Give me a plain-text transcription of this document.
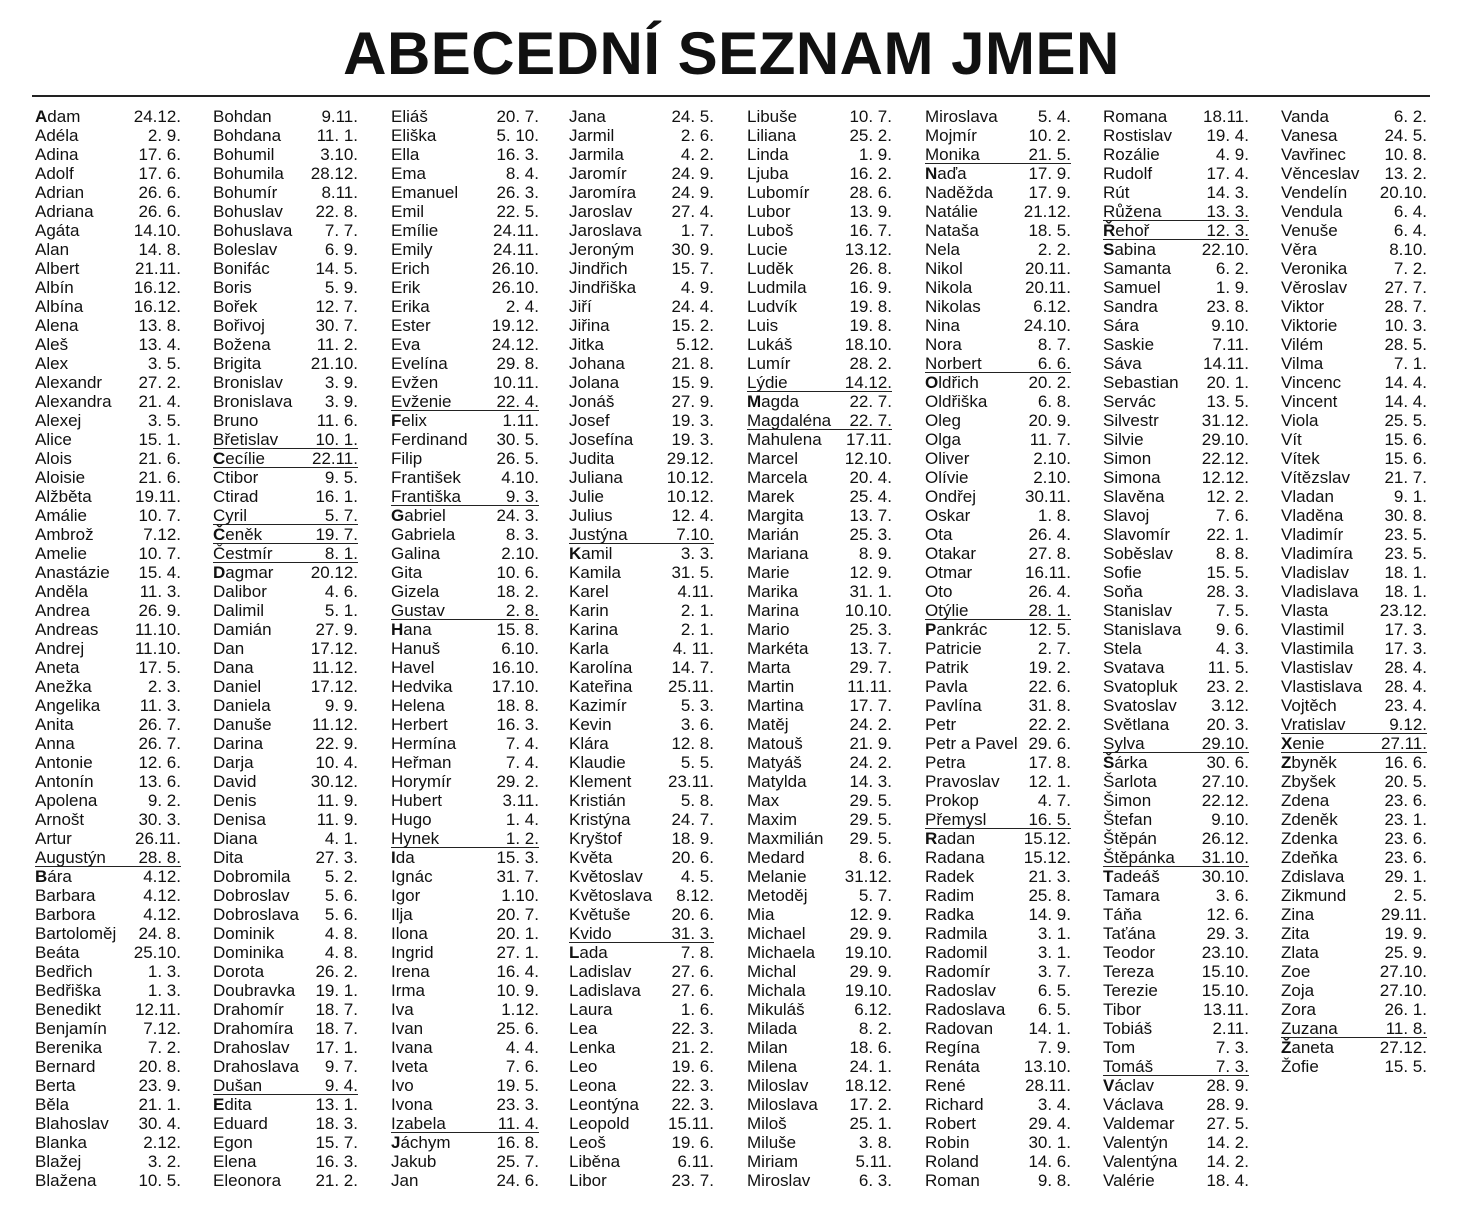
ABECEDNÍ SEZNAM JMEN
Adam	24.12.
Adéla	2. 9.
Adina	17. 6.
Adolf	17. 6.
Adrian	26. 6.
Adriana	26. 6.
Agáta	14.10.
Alan	14. 8.
Albert	21.11.
Albín	16.12.
Albína	16.12.
Alena	13. 8.
Aleš	13. 4.
Alex	3. 5.
Alexandr 27. 2.
Alexandra 21. 4.
Alexej	3. 5.
Alice	15. 1.
Alois	21. 6.
Aloisie	21. 6.
Alžběta	19.11.
Amálie	10. 7.
Ambrož	7.12.
Amelie	10. 7.
Anastázie 15. 4.
Anděla	11. 3.
Andrea	26. 9.
Andreas 11.10.
Andrej	11.10.
Aneta	17. 5.
Anežka	2. 3.
Angelika 11. 3.
Anita	26. 7.
Anna	26. 7.
Antonie	12. 6.
Antonín	13. 6.
Apolena	9. 2.
Arnošt	30. 3.
Artur	26.11.
Augustýn 28. 8.
Bára	4.12.
Barbara	4.12.
Barbora	4.12.
Bartoloměj 24. 8.
Beáta	25.10.
Bedřich	1. 3.
Bedřiška	1. 3.
Benedikt 12.11.
Benjamín 7.12.
Berenika	7. 2.
Bernard	20. 8.
Berta	23. 9.
Běla	21. 1.
Blahoslav 30. 4.
Blanka	2.12.
Blažej	3. 2.
Blažena 10. 5.
Bohdan	9.11.
Bohdana 11. 1.
Bohumil	3.10.
Bohumila 28.12.
Bohumír	8.11.
Bohuslav 22. 8.
Bohuslava 7. 7.
Boleslav	6. 9.
Bonifác	14. 5.
Boris	5. 9.
Bořek	12. 7.
Bořivoj	30. 7.
Božena	11. 2.
Brigita	21.10.
Bronislav 3. 9.
Bronislava 3. 9.
Bruno	11. 6.
Břetislav 10. 1.
Cecílie	22.11.
Ctibor	9. 5.
Ctirad	16. 1.
Cyril	5. 7.
Čeněk	19. 7.
Čestmír	8. 1.
Dagmar 20.12.
Dalibor	4. 6.
Dalimil	5. 1.
Damián	27. 9.
Dan	17.12.
Dana	11.12.
Daniel	17.12.
Daniela	9. 9.
Danuše 11.12.
Darina	22. 9.
Darja	10. 4.
David	30.12.
Denis	11. 9.
Denisa	11. 9.
Diana	4. 1.
Dita	27. 3.
Dobromila 5. 2.
Dobroslav 5. 6.
Dobroslava 5. 6.
Dominik	4. 8.
Dominika 4. 8.
Dorota	26. 2.
Doubravka 19. 1.
Drahomír 18. 7.
Drahomíra 18. 7.
Drahoslav 17. 1.
Drahoslava 9. 7.
Dušan	9. 4.
Edita	13. 1.
Eduard	18. 3.
Egon	15. 7.
Elena	16. 3.
Eleonora 21. 2.
Eliáš	20. 7.
Eliška	5. 10.
Ella	16. 3.
Ema	8. 4.
Emanuel 26. 3.
Emil	22. 5.
Emílie	24.11.
Emily	24.11.
Erich	26.10.
Erik	26.10.
Erika	2. 4.
Ester	19.12.
Eva	24.12.
Evelína	29. 8.
Evžen	10.11.
Evženie	22. 4.
Felix	1.11.
Ferdinand 30. 5.
Filip	26. 5.
František 4.10.
Františka	9. 3.
Gabriel	24. 3.
Gabriela	8. 3.
Galina	2.10.
Gita	10. 6.
Gizela	18. 2.
Gustav	2. 8.
Hana	15. 8.
Hanuš	6.10.
Havel	16.10.
Hedvika 17.10.
Helena	18. 8.
Herbert	16. 3.
Hermína	7. 4.
Heřman	7. 4.
Horymír	29. 2.
Hubert	3.11.
Hugo	1. 4.
Hynek	1. 2.
Ida	15. 3.
Ignác	31. 7.
Igor	1.10.
Ilja	20. 7.
Ilona	20. 1.
Ingrid	27. 1.
Irena	16. 4.
Irma	10. 9.
Iva	1.12.
Ivan	25. 6.
Ivana	4. 4.
Iveta	7. 6.
Ivo	19. 5.
Ivona	23. 3.
Izabela	11. 4.
Jáchym	16. 8.
Jakub	25. 7.
Jan	24. 6.
Jana	24. 5.
Jarmil	2. 6.
Jarmila	4. 2.
Jaromír	24. 9.
Jaromíra 24. 9.
Jaroslav 27. 4.
Jaroslava 1. 7.
Jeroným 30. 9.
Jindřich	15. 7.
Jindřiška	4. 9.
Jiří	24. 4.
Jiřina	15. 2.
Jitka	5.12.
Johana	21. 8.
Jolana	15. 9.
Jonáš	27. 9.
Josef	19. 3.
Josefína 19. 3.
Judita	29.12.
Juliana	10.12.
Julie	10.12.
Julius	12. 4.
Justýna	7.10.
Kamil	3. 3.
Kamila	31. 5.
Karel	4.11.
Karin	2. 1.
Karina	2. 1.
Karla	4. 11.
Karolína 14. 7.
Kateřina 25.11.
Kazimír	5. 3.
Kevin	3. 6.
Klára	12. 8.
Klaudie	5. 5.
Klement 23.11.
Kristián	5. 8.
Kristýna 24. 7.
Kryštof	18. 9.
Květa	20. 6.
Květoslav 4. 5.
Květoslava 8.12.
Květuše 20. 6.
Kvido	31. 3.
Lada	7. 8.
Ladislav 27. 6.
Ladislava 27. 6.
Laura	1. 6.
Lea	22. 3.
Lenka	21. 2.
Leo	19. 6.
Leona	22. 3.
Leontýna 22. 3.
Leopold 15.11.
Leoš	19. 6.
Liběna	6.11.
Libor	23. 7.
Libuše	10. 7.
Liliana	25. 2.
Linda	1. 9.
Ljuba	16. 2.
Lubomír 28. 6.
Lubor	13. 9.
Luboš	16. 7.
Lucie	13.12.
Luděk	26. 8.
Ludmila	16. 9.
Ludvík	19. 8.
Luis	19. 8.
Lukáš	18.10.
Lumír	28. 2.
Lýdie	14.12.
Magda	22. 7.
Magdaléna 22. 7.
Mahulena 17.11.
Marcel	12.10.
Marcela 20. 4.
Marek	25. 4.
Margita	13. 7.
Marián	25. 3.
Mariana	8. 9.
Marie	12. 9.
Marika	31. 1.
Marina	10.10.
Mario	25. 3.
Markéta 13. 7.
Marta	29. 7.
Martin	11.11.
Martina	17. 7.
Matěj	24. 2.
Matouš	21. 9.
Matyáš	24. 2.
Matylda	14. 3.
Max	29. 5.
Maxim	29. 5.
Maxmilián 29. 5.
Medard	8. 6.
Melanie 31.12.
Metoděj	5. 7.
Mia	12. 9.
Michael	29. 9.
Michaela 19.10.
Michal	29. 9.
Michala 19.10.
Mikuláš	6.12.
Milada	8. 2.
Milan	18. 6.
Milena	24. 1.
Miloslav 18.12.
Miloslava 17. 2.
Miloš	25. 1.
Miluše	3. 8.
Miriam	5.11.
Miroslav	6. 3.
Miroslava 5. 4.
Mojmír	10. 2.
Monika	21. 5.
Naďa	17. 9.
Naděžda 17. 9.
Natálie	21.12.
Nataša	18. 5.
Nela	2. 2.
Nikol	20.11.
Nikola	20.11.
Nikolas	6.12.
Nina	24.10.
Nora	8. 7.
Norbert	6. 6.
Oldřich	20. 2.
Oldřiška	6. 8.
Oleg	20. 9.
Olga	11. 7.
Oliver	2.10.
Olívie	2.10.
Ondřej	30.11.
Oskar	1. 8.
Ota	26. 4.
Otakar	27. 8.
Otmar	16.11.
Oto	26. 4.
Otýlie	28. 1.
Pankrác 12. 5.
Patricie	2. 7.
Patrik	19. 2.
Pavla	22. 6.
Pavlína	31. 8.
Petr	22. 2.
Petr a Pavel 29. 6.
Petra	17. 8.
Pravoslav 12. 1.
Prokop	4. 7.
Přemysl 16. 5.
Radan	15.12.
Radana 15.12.
Radek	21. 3.
Radim	25. 8.
Radka	14. 9.
Radmila	3. 1.
Radomil	3. 1.
Radomír	3. 7.
Radoslav 6. 5.
Radoslava 6. 5.
Radovan 14. 1.
Regína	7. 9.
Renáta	13.10.
René	28.11.
Richard	3. 4.
Robert	29. 4.
Robin	30. 1.
Roland	14. 6.
Roman	9. 8.
Romana 18.11.
Rostislav 19. 4.
Rozálie	4. 9.
Rudolf	17. 4.
Rút	14. 3.
Růžena	13. 3.
Řehoř	12. 3.
Sabina	22.10.
Samanta	6. 2.
Samuel	1. 9.
Sandra	23. 8.
Sára	9.10.
Saskie	7.11.
Sáva	14.11.
Sebastian 20. 1.
Servác	13. 5.
Silvestr	31.12.
Silvie	29.10.
Simon	22.12.
Simona 12.12.
Slavěna 12. 2.
Slavoj	7. 6.
Slavomír 22. 1.
Soběslav	8. 8.
Sofie	15. 5.
Soňa	28. 3.
Stanislav	7. 5.
Stanislava 9. 6.
Stela	4. 3.
Svatava	11. 5.
Svatopluk 23. 2.
Svatoslav 3.12.
Světlana 20. 3.
Sylva	29.10.
Šárka	30. 6.
Šarlota	27.10.
Šimon	22.12.
Štefan	9.10.
Štěpán	26.12.
Štěpánka 31.10.
Tadeáš 30.10.
Tamara	3. 6.
Táňa	12. 6.
Taťána	29. 3.
Teodor	23.10.
Tereza	15.10.
Terezie	15.10.
Tibor	13.11.
Tobiáš	2.11.
Tom	7. 3.
Tomáš	7. 3.
Václav	28. 9.
Václava	28. 9.
Valdemar 27. 5.
Valentýn 14. 2.
Valentýna 14. 2.
Valérie	18. 4.
Vanda	6. 2.
Vanesa	24. 5.
Vavřinec 10. 8.
Věnceslav 13. 2.
Vendelín 20.10.
Vendula	6. 4.
Venuše	6. 4.
Věra	8.10.
Veronika	7. 2.
Věroslav 27. 7.
Viktor	28. 7.
Viktorie	10. 3.
Vilém	28. 5.
Vilma	7. 1.
Vincenc	14. 4.
Vincent	14. 4.
Viola	25. 5.
Vít	15. 6.
Vítek	15. 6.
Vítězslav 21. 7.
Vladan	9. 1.
Vladěna 30. 8.
Vladimír 23. 5.
Vladimíra 23. 5.
Vladislav 18. 1.
Vladislava 18. 1.
Vlasta	23.12.
Vlastimil 17. 3.
Vlastimila 17. 3.
Vlastislav 28. 4.
Vlastislava 28. 4.
Vojtěch	23. 4.
Vratislav	9.12.
Xenie	27.11.
Zbyněk	16. 6.
Zbyšek	20. 5.
Zdena	23. 6.
Zdeněk	23. 1.
Zdenka	23. 6.
Zdeňka	23. 6.
Zdislava 29. 1.
Zikmund	2. 5.
Zina	29.11.
Zita	19. 9.
Zlata	25. 9.
Zoe	27.10.
Zoja	27.10.
Zora	26. 1.
Zuzana	11. 8.
Žaneta	27.12.
Žofie	15. 5.
